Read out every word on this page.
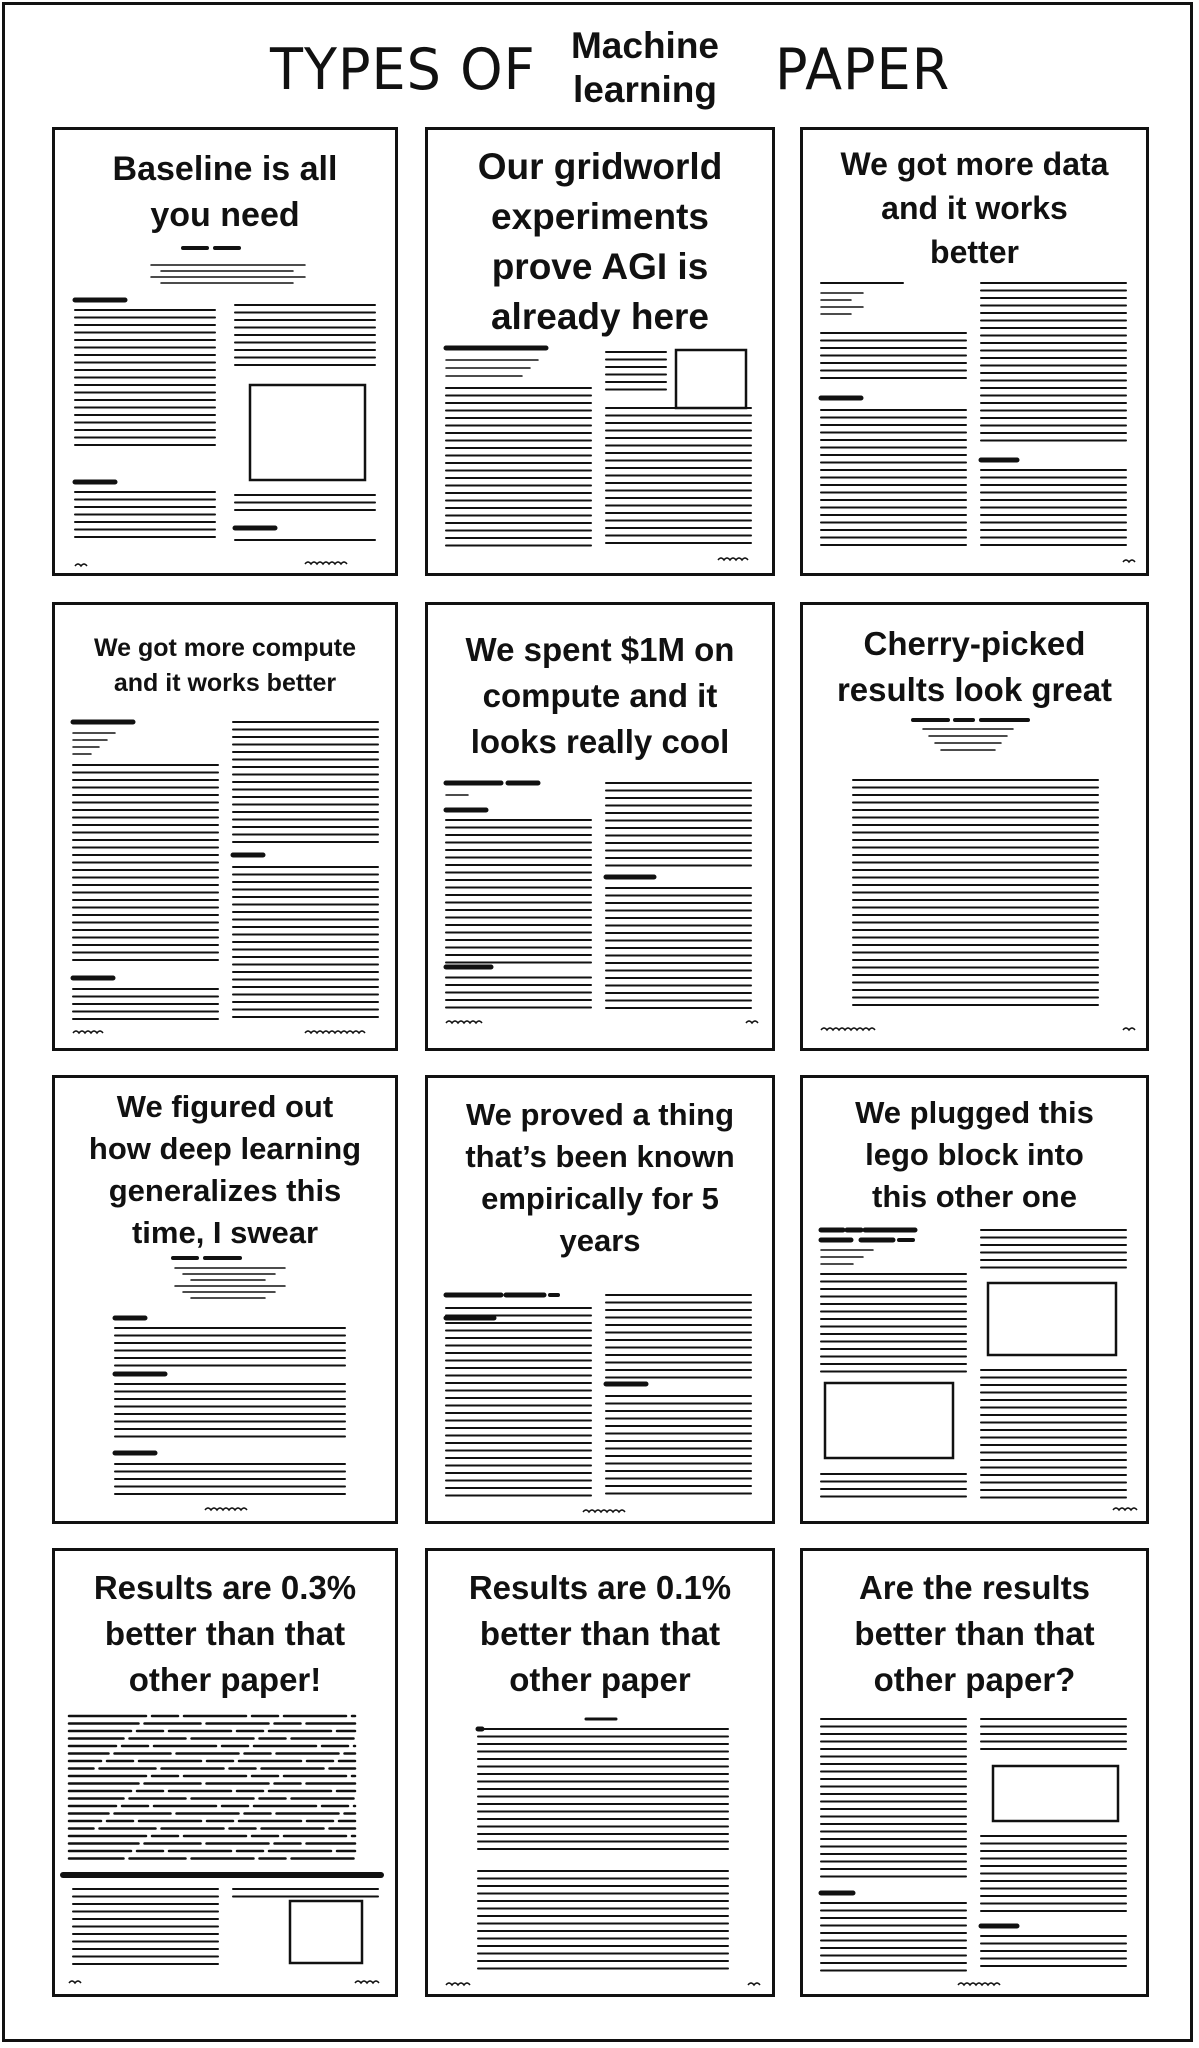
TYPES OF Machine
learning	PAPER
Baseline is all
you need
Our gridworld
experiments
prove AGI is
already here
We got more data
and it works
better
We got more compute
and it works better
We spent $1M on
compute and it
looks really cool
Cherry-picked
results look great
We figured out
how deep learning
generalizes this
time, I swear
We proved a thing
that’s been known
empirically for 5
years
We plugged this
lego block into
this other one
Results are 0.3%
better than that
other paper!
Results are 0.1%
better than that
other paper
Are the results
better than that
other paper?
